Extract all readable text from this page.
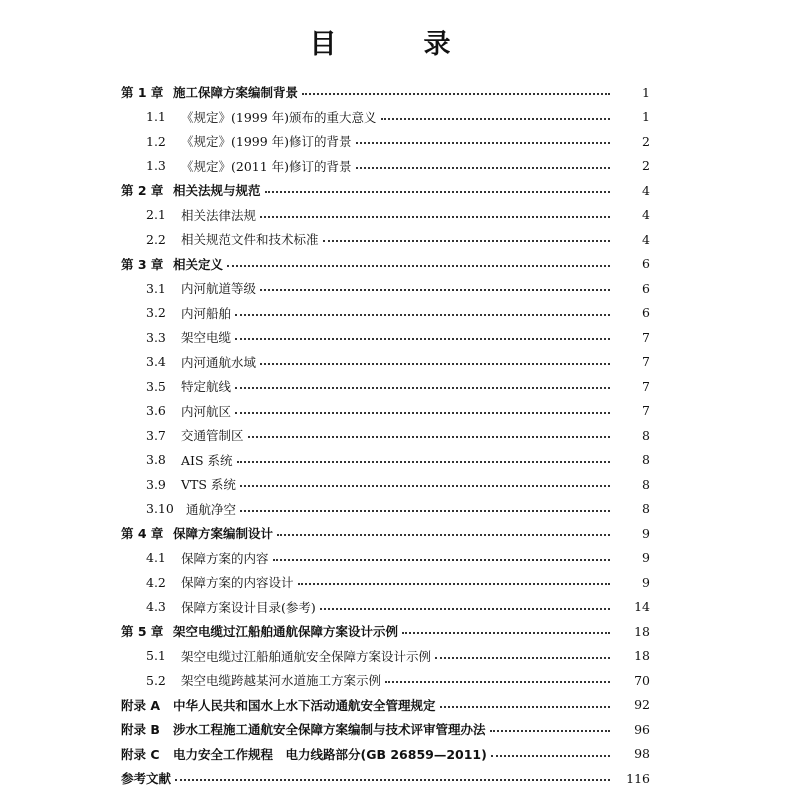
目　录
第 1 章 施工保障方案编制背景	1
1.1	《规定》(1999 年)颁布的重大意义	1
1.2	《规定》(1999 年)修订的背景	2
1.3	《规定》(2011 年)修订的背景	2
第 2 章 相关法规与规范	4
2.1	相关法律法规	4
2.2	相关规范文件和技术标准	4
第 3 章 相关定义	6
3.1	内河航道等级	6
3.2	内河船舶	6
3.3	架空电缆	7
3.4	内河通航水域	7
3.5	特定航线	7
3.6	内河航区	7
3.7	交通管制区	8
3.8	AIS 系统	8
3.9	VTS 系统	8
3.10 通航净空	8
第 4 章 保障方案编制设计	9
4.1	保障方案的内容	9
4.2	保障方案的内容设计	9
4.3	保障方案设计目录(参考)	14
第 5 章 架空电缆过江船舶通航保障方案设计示例	18
5.1	架空电缆过江船舶通航安全保障方案设计示例	18
5.2	架空电缆跨越某河水道施工方案示例	70
附录 A	中华人民共和国水上水下活动通航安全管理规定	92
附录 B	涉水工程施工通航安全保障方案编制与技术评审管理办法	96
附录 C	电力安全工作规程　电力线路部分(GB 26859—2011)	98
参考文献	116
